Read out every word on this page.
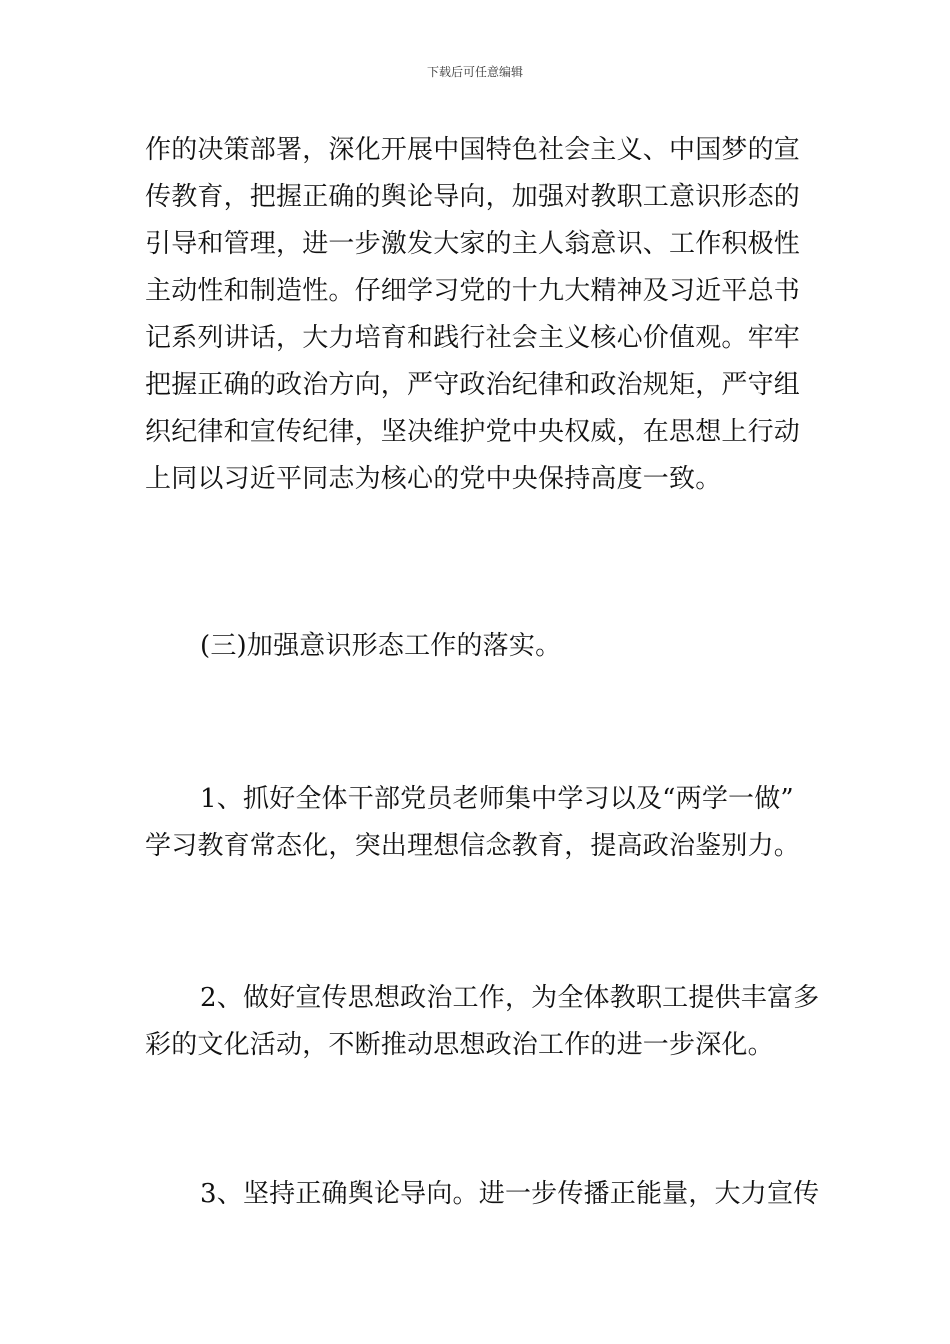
下载后可任意编辑
作的决策部署，深化开展中国特色社会主义、中国梦的宣
传教育，把握正确的舆论导向，加强对教职工意识形态的
引导和管理，进一步激发大家的主人翁意识、工作积极性
主动性和制造性。仔细学习党的十九大精神及习近平总书
记系列讲话，大力培育和践行社会主义核心价值观。牢牢
把握正确的政治方向，严守政治纪律和政治规矩，严守组
织纪律和宣传纪律，坚决维护党中央权威，在思想上行动
上同以习近平同志为核心的党中央保持高度一致。
(三)加强意识形态工作的落实。
1、抓好全体干部党员老师集中学习以及“两学一做”
学习教育常态化，突出理想信念教育，提高政治鉴别力。
2、做好宣传思想政治工作，为全体教职工提供丰富多
彩的文化活动，不断推动思想政治工作的进一步深化。
3、坚持正确舆论导向。进一步传播正能量，大力宣传
